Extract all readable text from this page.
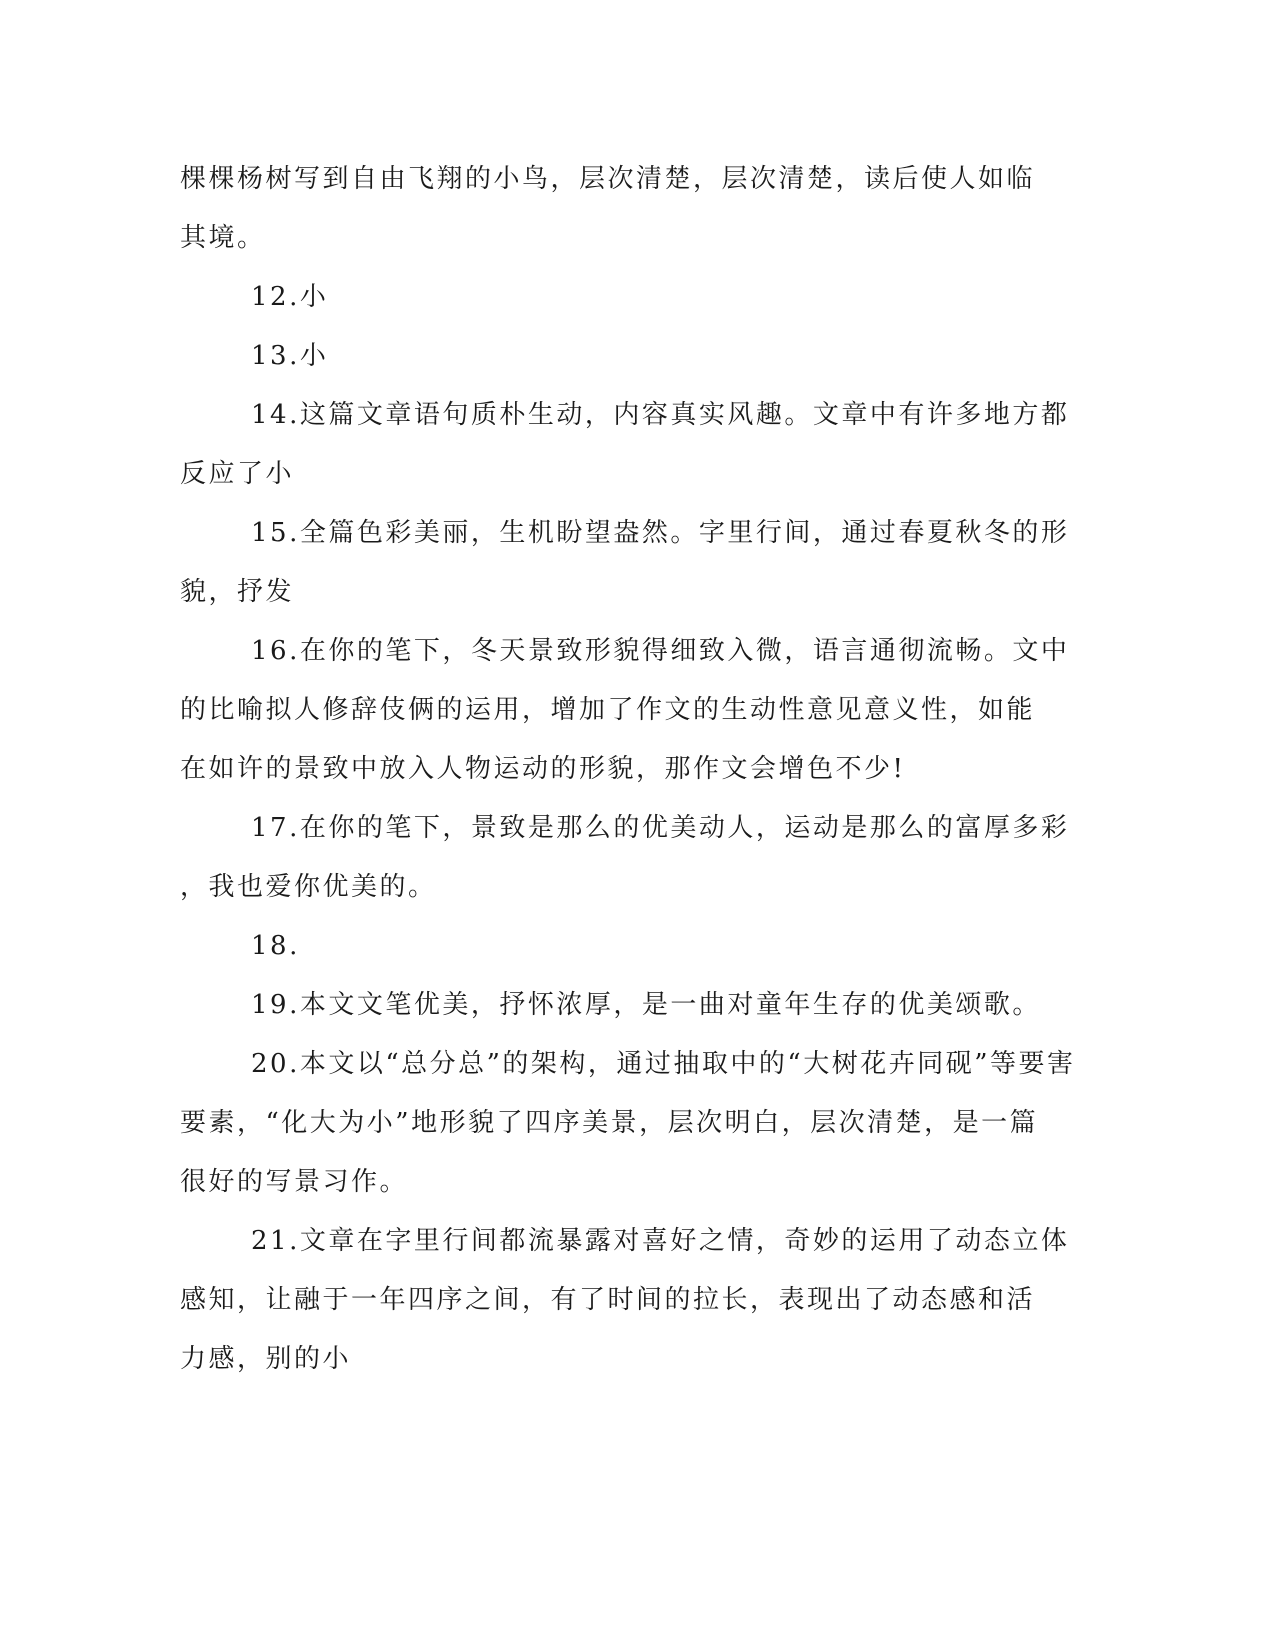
棵棵杨树写到自由飞翔的小鸟，层次清楚，层次清楚，读后使人如临
其境。
12.小
13.小
14.这篇文章语句质朴生动，内容真实风趣。文章中有许多地方都
反应了小
15.全篇色彩美丽，生机盼望盎然。字里行间，通过春夏秋冬的形
貌，抒发
16.在你的笔下，冬天景致形貌得细致入微，语言通彻流畅。文中
的比喻拟人修辞伎俩的运用，增加了作文的生动性意见意义性，如能
在如许的景致中放入人物运动的形貌，那作文会增色不少!
17.在你的笔下，景致是那么的优美动人，运动是那么的富厚多彩
，我也爱你优美的。
18.
19.本文文笔优美，抒怀浓厚，是一曲对童年生存的优美颂歌。
20.本文以“总分总”的架构，通过抽取中的“大树花卉同砚”等要害
要素，“化大为小”地形貌了四序美景，层次明白，层次清楚，是一篇
很好的写景习作。
21.文章在字里行间都流暴露对喜好之情，奇妙的运用了动态立体
感知，让融于一年四序之间，有了时间的拉长，表现出了动态感和活
力感，别的小
